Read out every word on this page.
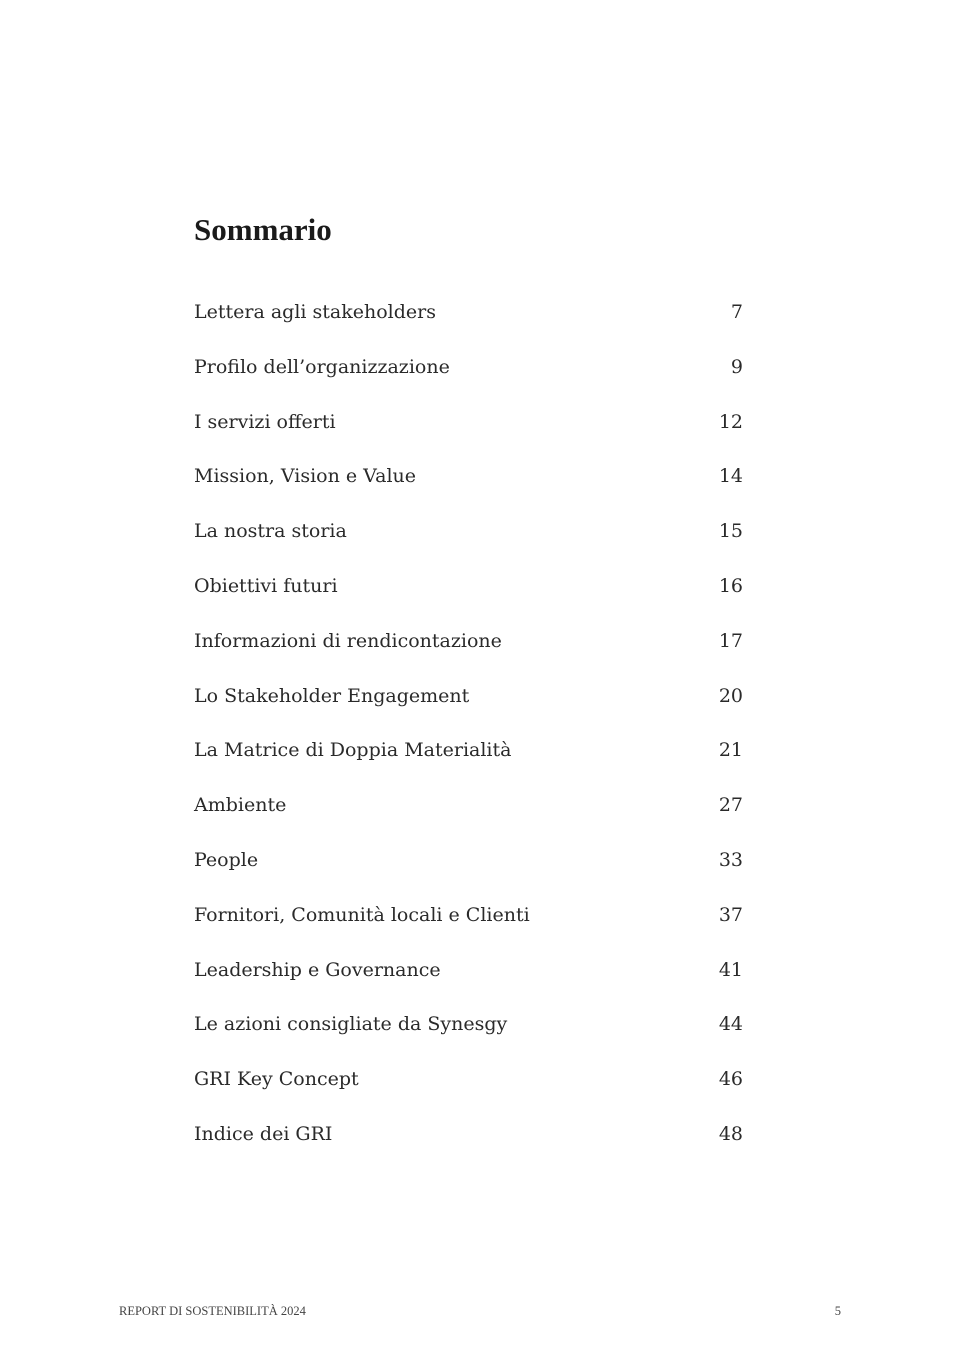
Sommario
Lettera agli stakeholders	7
Profilo dell’organizzazione	9
I servizi offerti	12
Mission, Vision e Value	14
La nostra storia	15
Obiettivi futuri	16
Informazioni di rendicontazione	17
Lo Stakeholder Engagement	20
La Matrice di Doppia Materialità	21
Ambiente	27
People	33
Fornitori, Comunità locali e Clienti	37
Leadership e Governance	41
Le azioni consigliate da Synesgy	44
GRI Key Concept	46
Indice dei GRI	48
REPORT DI SOSTENIBILITÀ 2024	5
